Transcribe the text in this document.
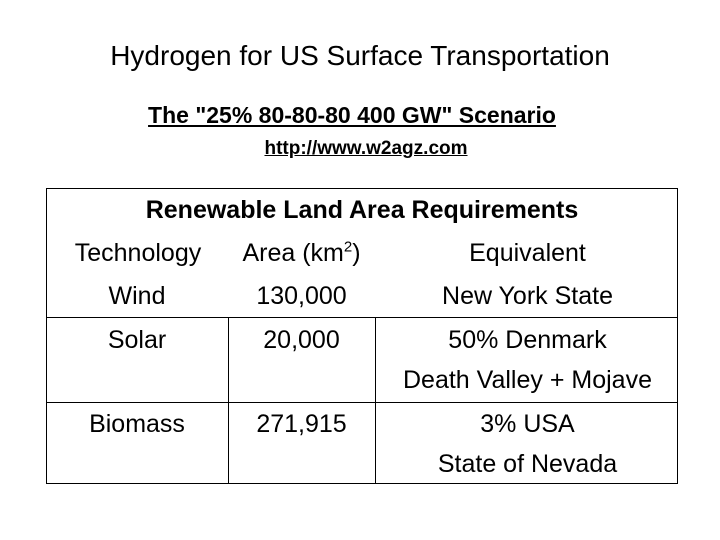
Hydrogen for US Surface Transportation
The "25% 80-80-80 400 GW" Scenario
http://www.w2agz.com
Renewable Land Area Requirements
Technology	Area $(km^2)$	Equivalent
Wind	130,000	New York State
Solar	20,000	50% Denmark
Death Valley + Mojave
Biomass	271,915	3% USA
State of Nevada
